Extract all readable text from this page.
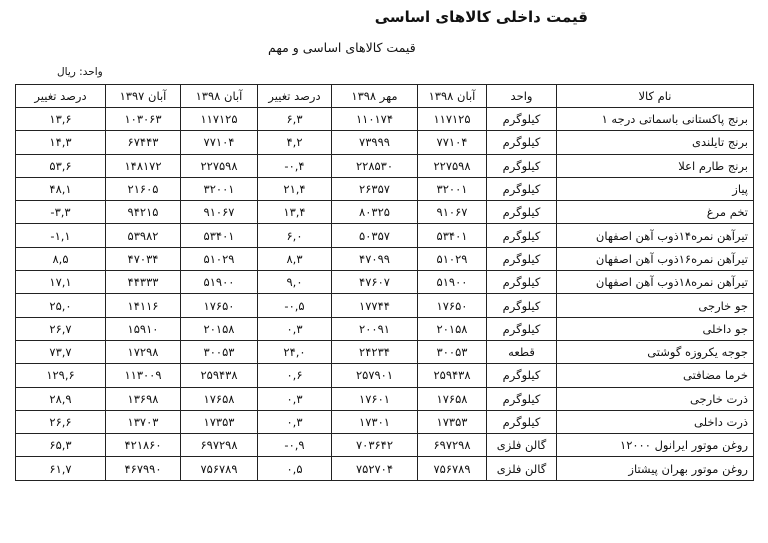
قیمت داخلی کالاهای اساسی
قیمت کالاهای اساسی و مهم
واحد: ریال
نام کالا	واحد	آبان ۱۳۹۸	مهر ۱۳۹۸	درصد تغییر	آبان ۱۳۹۸	آبان ۱۳۹۷	درصد تغییر
برنج پاکستانی باسماتی درجه ۱	کیلوگرم	۱۱۷۱۲۵	۱۱۰۱۷۴	۶,۳	۱۱۷۱۲۵	۱۰۳۰۶۳	۱۳,۶
برنج تایلندی	کیلوگرم	۷۷۱۰۴	۷۳۹۹۹	۴,۲	۷۷۱۰۴	۶۷۴۴۳	۱۴,۳
برنج طارم اعلا	کیلوگرم	۲۲۷۵۹۸	۲۲۸۵۳۰	۰,۴-	۲۲۷۵۹۸	۱۴۸۱۷۲	۵۳,۶
پیاز	کیلوگرم	۳۲۰۰۱	۲۶۳۵۷	۲۱,۴	۳۲۰۰۱	۲۱۶۰۵	۴۸,۱
تخم مرغ	کیلوگرم	۹۱۰۶۷	۸۰۳۲۵	۱۳,۴	۹۱۰۶۷	۹۴۲۱۵	۳,۳-
تیرآهن نمره۱۴ذوب آهن اصفهان	کیلوگرم	۵۳۴۰۱	۵۰۳۵۷	۶,۰	۵۳۴۰۱	۵۳۹۸۲	۱,۱-
تیرآهن نمره۱۶ذوب آهن اصفهان	کیلوگرم	۵۱۰۲۹	۴۷۰۹۹	۸,۳	۵۱۰۲۹	۴۷۰۳۴	۸,۵
تیرآهن نمره۱۸ذوب آهن اصفهان	کیلوگرم	۵۱۹۰۰	۴۷۶۰۷	۹,۰	۵۱۹۰۰	۴۴۳۳۳	۱۷,۱
جو خارجی	کیلوگرم	۱۷۶۵۰	۱۷۷۴۴	۰,۵-	۱۷۶۵۰	۱۴۱۱۶	۲۵,۰
جو داخلی	کیلوگرم	۲۰۱۵۸	۲۰۰۹۱	۰,۳	۲۰۱۵۸	۱۵۹۱۰	۲۶,۷
جوجه یکروزه گوشتی	قطعه	۳۰۰۵۳	۲۴۲۳۴	۲۴,۰	۳۰۰۵۳	۱۷۲۹۸	۷۳,۷
خرما مضافتی	کیلوگرم	۲۵۹۴۳۸	۲۵۷۹۰۱	۰,۶	۲۵۹۴۳۸	۱۱۳۰۰۹	۱۲۹,۶
ذرت خارجی	کیلوگرم	۱۷۶۵۸	۱۷۶۰۱	۰,۳	۱۷۶۵۸	۱۳۶۹۸	۲۸,۹
ذرت داخلی	کیلوگرم	۱۷۳۵۳	۱۷۳۰۱	۰,۳	۱۷۳۵۳	۱۳۷۰۳	۲۶,۶
روغن موتور ایرانول ۱۲۰۰۰	گالن فلزی	۶۹۷۲۹۸	۷۰۳۶۴۲	۰,۹-	۶۹۷۲۹۸	۴۲۱۸۶۰	۶۵,۳
روغن موتور بهران پیشتاز	گالن فلزی	۷۵۶۷۸۹	۷۵۲۷۰۴	۰,۵	۷۵۶۷۸۹	۴۶۷۹۹۰	۶۱,۷
